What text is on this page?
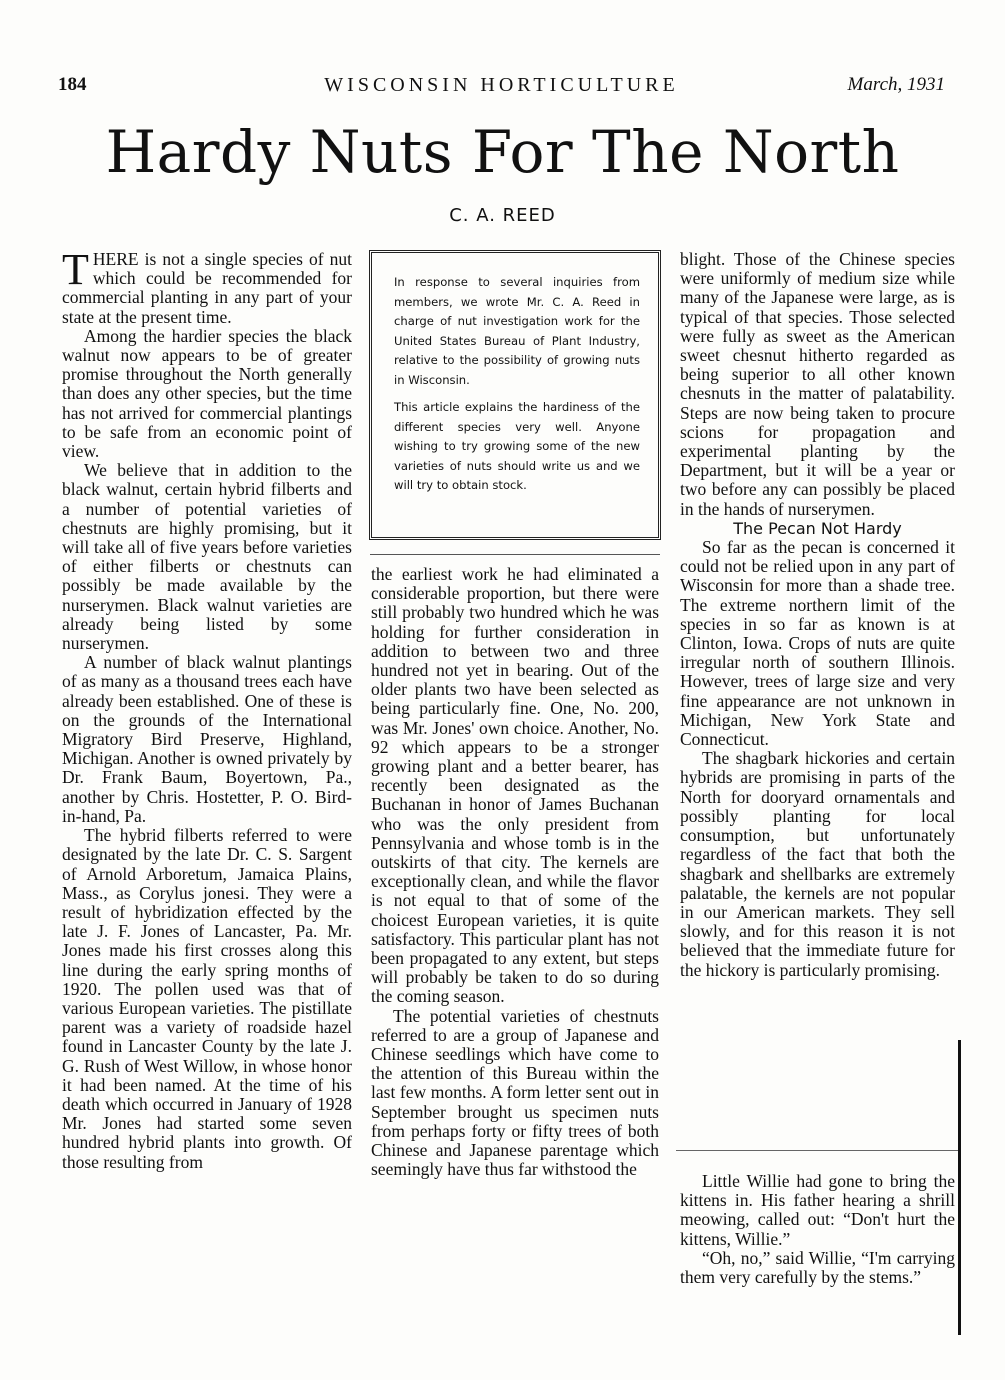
184	WISCONSIN HORTICULTURE	March, 1931
Hardy Nuts For The North
C. A. REED

THERE is not a single species of nut which could be recommended for commercial planting in any part of your state at the present time.

Among the hardier species the black walnut now appears to be of greater promise throughout the North generally than does any other species, but the time has not arrived for commercial plantings to be safe from an economic point of view.

We believe that in addition to the black walnut, certain hybrid filberts and a number of potential varieties of chestnuts are highly promising, but it will take all of five years before varieties of either filberts or chestnuts can possibly be made available by the nurserymen. Black walnut varieties are already being listed by some nurserymen.

A number of black walnut plantings of as many as a thousand trees each have already been established. One of these is on the grounds of the International Migratory Bird Preserve, Highland, Michigan. Another is owned privately by Dr. Frank Baum, Boyertown, Pa., another by Chris. Hostetter, P. O. Bird-in-hand, Pa.

The hybrid filberts referred to were designated by the late Dr. C. S. Sargent of Arnold Arboretum, Jamaica Plains, Mass., as Corylus jonesi. They were a result of hybridization effected by the late J. F. Jones of Lancaster, Pa. Mr. Jones made his first crosses along this line during the early spring months of 1920. The pollen used was that of various European varieties. The pistillate parent was a variety of roadside hazel found in Lancaster County by the late J. G. Rush of West Willow, in whose honor it had been named. At the time of his death which occurred in January of 1928 Mr. Jones had started some seven hundred hybrid plants into growth. Of those resulting from

In response to several inquiries from members, we wrote Mr. C. A. Reed in charge of nut investigation work for the United States Bureau of Plant Industry, relative to the possibility of growing nuts in Wisconsin.

This article explains the hardiness of the different species very well. Anyone wishing to try growing some of the new varieties of nuts should write us and we will try to obtain stock.

the earliest work he had eliminated a considerable proportion, but there were still probably two hundred which he was holding for further consideration in addition to between two and three hundred not yet in bearing. Out of the older plants two have been selected as being particularly fine. One, No. 200, was Mr. Jones' own choice. Another, No. 92 which appears to be a stronger growing plant and a better bearer, has recently been designated as the Buchanan in honor of James Buchanan who was the only president from Pennsylvania and whose tomb is in the outskirts of that city. The kernels are exceptionally clean, and while the flavor is not equal to that of some of the choicest European varieties, it is quite satisfactory. This particular plant has not been propagated to any extent, but steps will probably be taken to do so during the coming season.

The potential varieties of chestnuts referred to are a group of Japanese and Chinese seedlings which have come to the attention of this Bureau within the last few months. A form letter sent out in September brought us specimen nuts from perhaps forty or fifty trees of both Chinese and Japanese parentage which seemingly have thus far withstood the

blight. Those of the Chinese species were uniformly of medium size while many of the Japanese were large, as is typical of that species. Those selected were fully as sweet as the American sweet chesnut hitherto regarded as being superior to all other known chesnuts in the matter of palatability. Steps are now being taken to procure scions for propagation and experimental planting by the Department, but it will be a year or two before any can possibly be placed in the hands of nurserymen.

The Pecan Not Hardy

So far as the pecan is concerned it could not be relied upon in any part of Wisconsin for more than a shade tree. The extreme northern limit of the species in so far as known is at Clinton, Iowa. Crops of nuts are quite irregular north of southern Illinois. However, trees of large size and very fine appearance are not unknown in Michigan, New York State and Connecticut.

The shagbark hickories and certain hybrids are promising in parts of the North for dooryard ornamentals and possibly planting for local consumption, but unfortunately regardless of the fact that both the shagbark and shellbarks are extremely palatable, the kernels are not popular in our American markets. They sell slowly, and for this reason it is not believed that the immediate future for the hickory is particularly promising.

Little Willie had gone to bring the kittens in. His father hearing a shrill meowing, called out: “Don't hurt the kittens, Willie.”

“Oh, no,” said Willie, “I'm carrying them very carefully by the stems.”
